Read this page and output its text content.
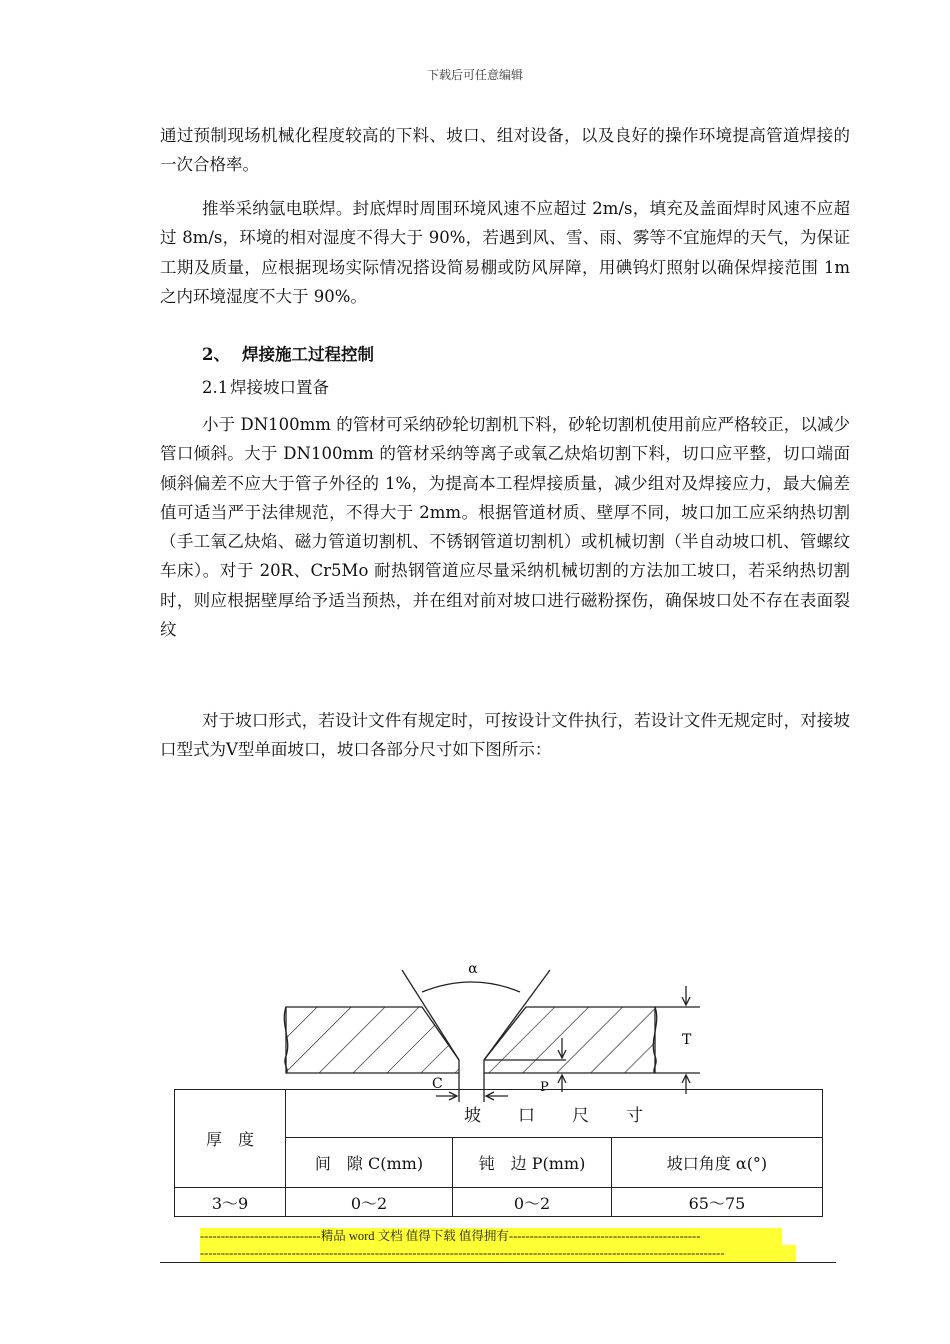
下载后可任意编辑

通过预制现场机械化程度较高的下料、坡口、组对设备，以及良好的操作环境提高管道焊接的一次合格率。

推举采纳氩电联焊。封底焊时周围环境风速不应超过 2m/s，填充及盖面焊时风速不应超过 8m/s，环境的相对湿度不得大于 90%，若遇到风、雪、雨、雾等不宜施焊的天气，为保证工期及质量，应根据现场实际情况搭设简易棚或防风屏障，用碘钨灯照射以确保焊接范围 1m 之内环境湿度不大于 90%。

2、 焊接施工过程控制

2.1 焊接坡口置备

小于 DN100mm 的管材可采纳砂轮切割机下料，砂轮切割机使用前应严格较正，以减少管口倾斜。大于 DN100mm 的管材采纳等离子或氧乙炔焰切割下料，切口应平整，切口端面倾斜偏差不应大于管子外径的 1%，为提高本工程焊接质量，减少组对及焊接应力，最大偏差值可适当严于法律规范，不得大于 2mm。根据管道材质、壁厚不同，坡口加工应采纳热切割（手工氧乙炔焰、磁力管道切割机、不锈钢管道切割机）或机械切割（半自动坡口机、管螺纹车床）。对于 20R、Cr5Mo 耐热钢管道应尽量采纳机械切割的方法加工坡口，若采纳热切割时，则应根据壁厚给予适当预热，并在组对前对坡口进行磁粉探伤，确保坡口处不存在表面裂纹

对于坡口形式，若设计文件有规定时，可按设计文件执行，若设计文件无规定时，对接坡口型式为Ⅴ型单面坡口，坡口各部分尺寸如下图所示：

α
T
P
C
厚　度	坡　　口　　尺　　寸		
	间　隙 C(mm)	钝　边 P(mm)	坡口角度 α(°)
3～9	0～2	0～2	65～75
-----------------------------精品 word 文档 值得下载 值得拥有----------------------------------------------
------------------------------------------------------------------------------------------------------------------------------
